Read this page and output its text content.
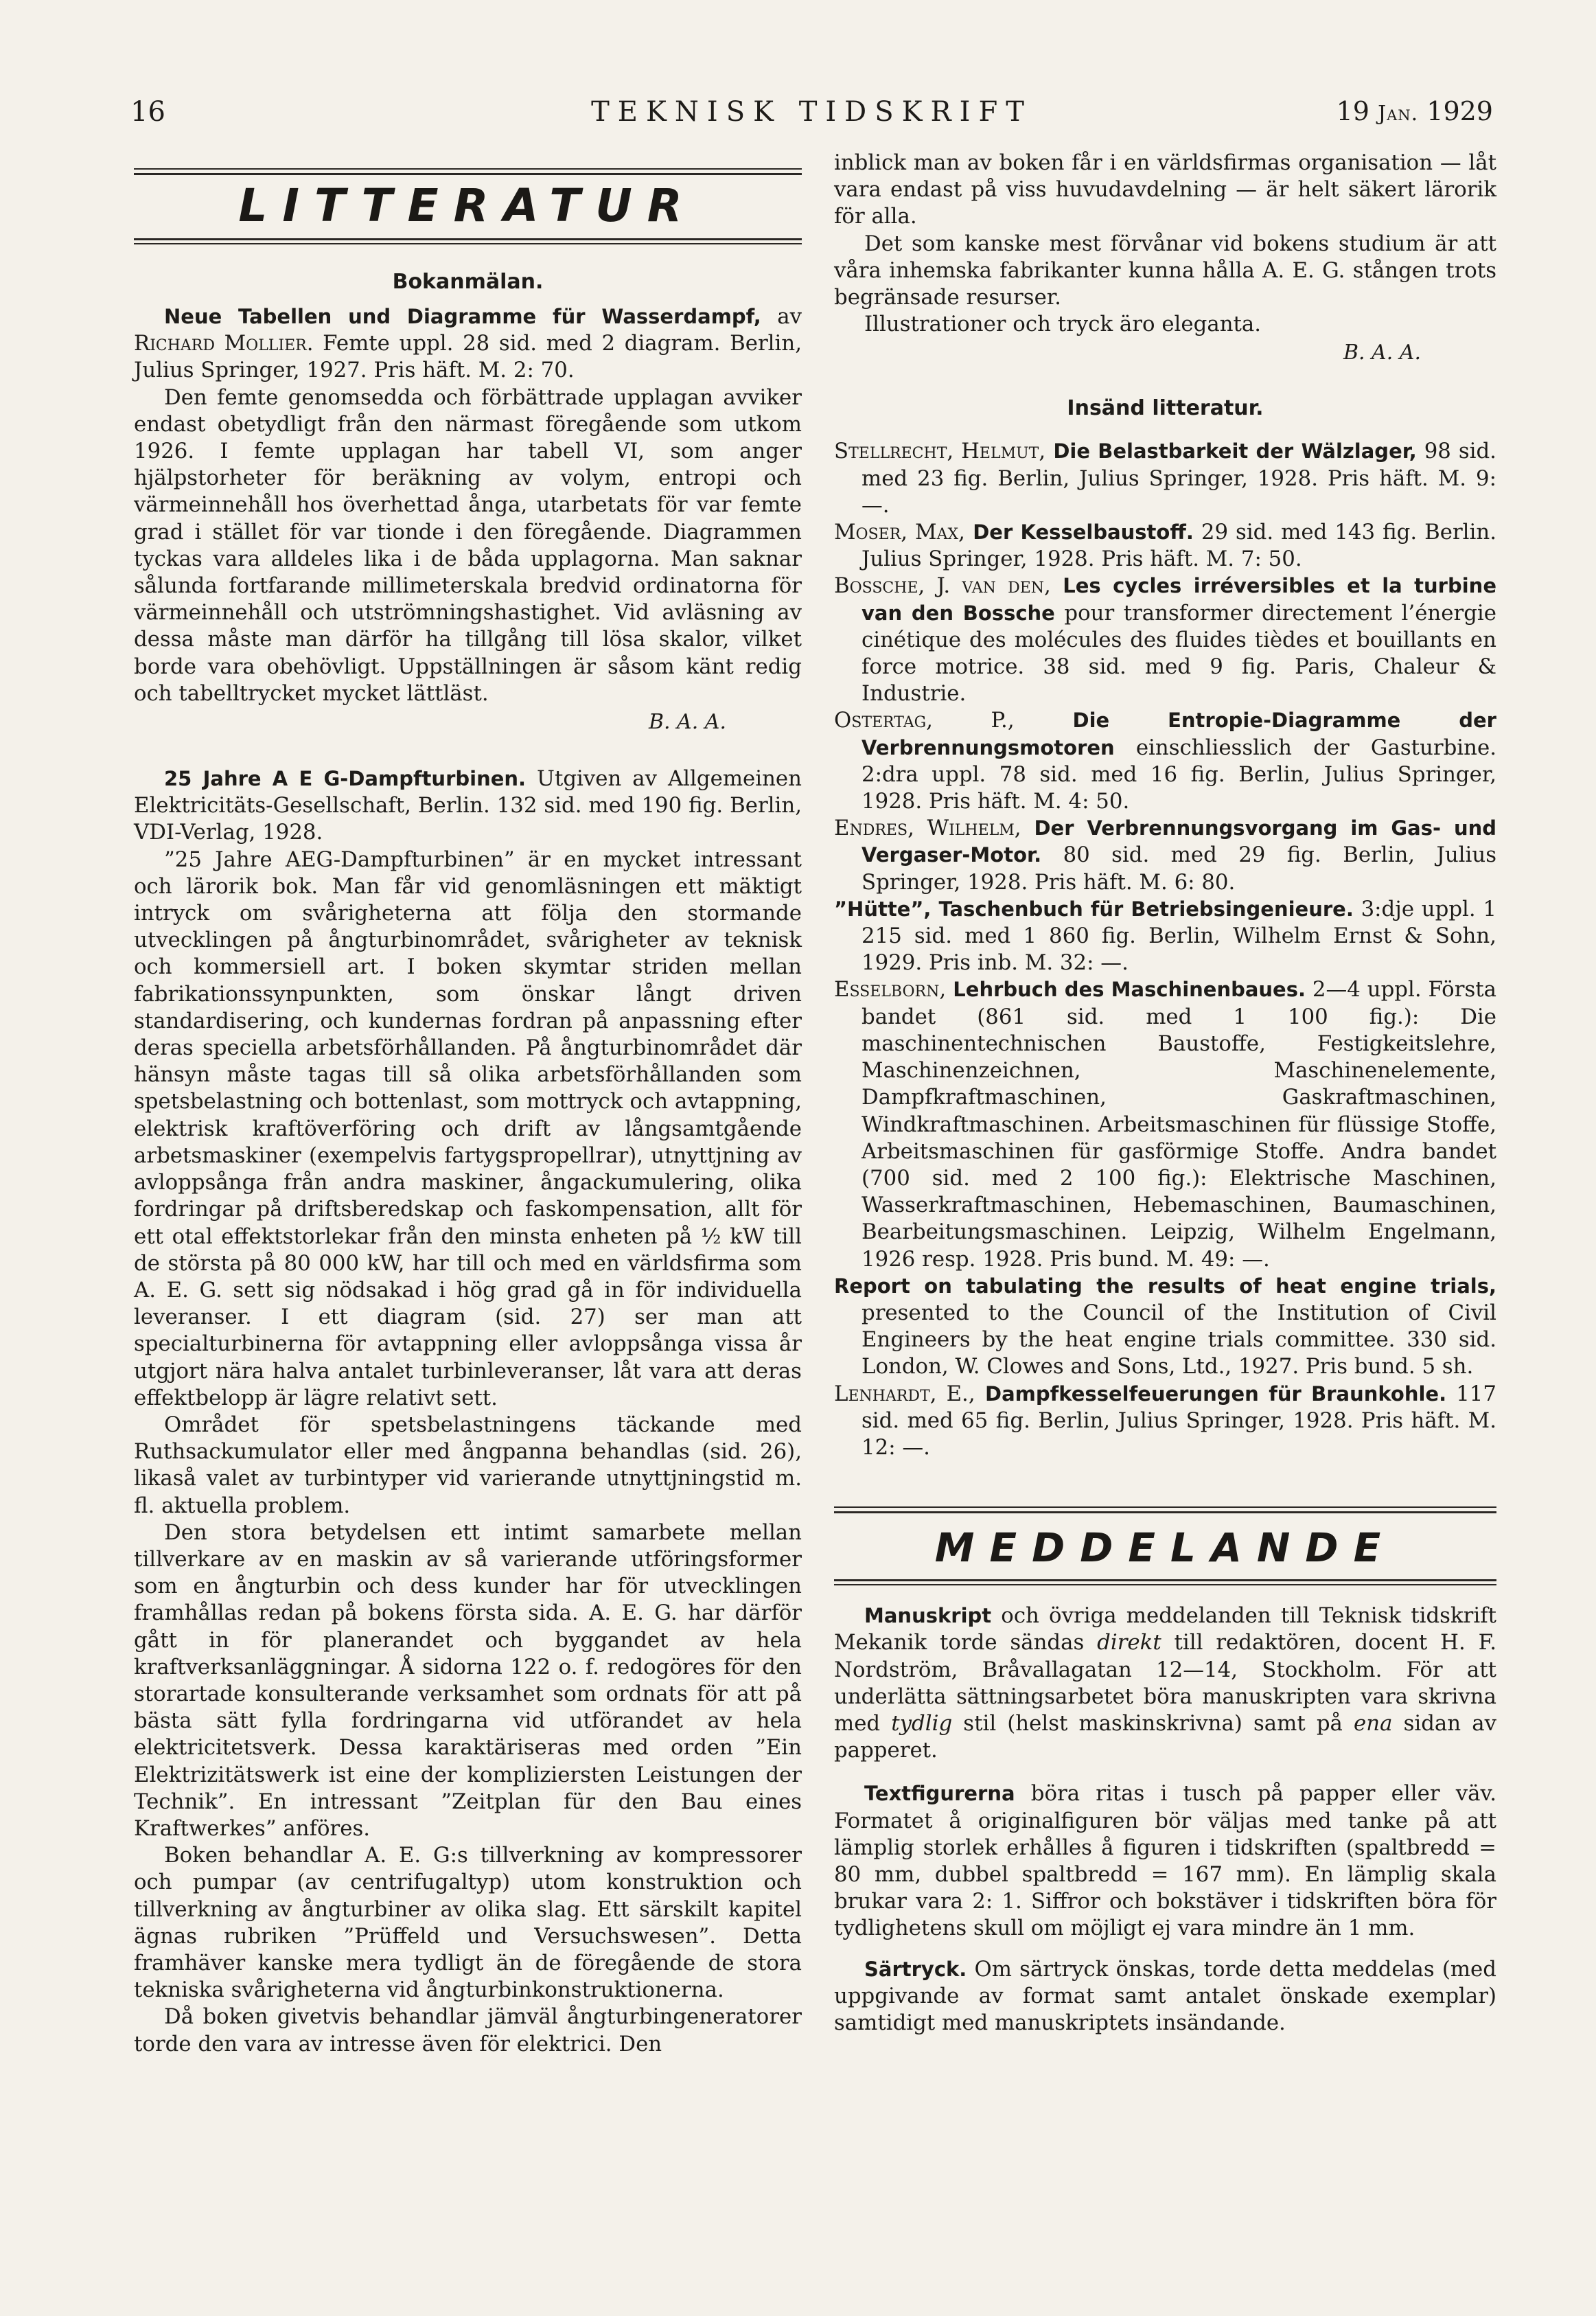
16	TEKNISK TIDSKRIFT	19 Jan. 1929
LITTERATUR

Bokanmälan.

Neue Tabellen und Diagramme für Wasserdampf, av Richard Mollier. Femte uppl. 28 sid. med 2 diagram. Berlin, Julius Springer, 1927. Pris häft. M. 2: 70.

Den femte genomsedda och förbättrade upplagan avviker endast obetydligt från den närmast föregående som utkom 1926. I femte upplagan har tabell VI, som anger hjälpstorheter för beräkning av volym, entropi och värmeinnehåll hos överhettad ånga, utarbetats för var femte grad i stället för var tionde i den föregående. Diagrammen tyckas vara alldeles lika i de båda upplagorna. Man saknar sålunda fortfarande millimeterskala bredvid ordinatorna för värmeinnehåll och utströmningshastighet. Vid avläsning av dessa måste man därför ha tillgång till lösa skalor, vilket borde vara obehövligt. Uppställningen är såsom känt redig och tabelltrycket mycket lättläst.

B. A. A.

25 Jahre A E G-Dampfturbinen. Utgiven av Allgemeinen Elektricitäts-Gesellschaft, Berlin. 132 sid. med 190 fig. Berlin, VDI-Verlag, 1928.

”25 Jahre AEG-Dampfturbinen” är en mycket intressant och lärorik bok. Man får vid genomläsningen ett mäktigt intryck om svårigheterna att följa den stormande utvecklingen på ångturbinområdet, svårigheter av teknisk och kommersiell art. I boken skymtar striden mellan fabrikationssynpunkten, som önskar långt driven standardisering, och kundernas fordran på anpassning efter deras speciella arbetsförhållanden. På ångturbinområdet där hänsyn måste tagas till så olika arbetsförhållanden som spetsbelastning och bottenlast, som mottryck och avtappning, elektrisk kraftöverföring och drift av långsamtgående arbetsmaskiner (exempelvis fartygspropellrar), utnyttjning av avloppsånga från andra maskiner, ångackumulering, olika fordringar på driftsberedskap och faskompensation, allt för ett otal effektstorlekar från den minsta enheten på ½ kW till de största på 80 000 kW, har till och med en världsfirma som A. E. G. sett sig nödsakad i hög grad gå in för individuella leveranser. I ett diagram (sid. 27) ser man att specialturbinerna för avtappning eller avloppsånga vissa år utgjort nära halva antalet turbinleveranser, låt vara att deras effektbelopp är lägre relativt sett.

Området för spetsbelastningens täckande med Ruthsackumulator eller med ångpanna behandlas (sid. 26), likaså valet av turbintyper vid varierande utnyttjningstid m. fl. aktuella problem.

Den stora betydelsen ett intimt samarbete mellan tillverkare av en maskin av så varierande utföringsformer som en ångturbin och dess kunder har för utvecklingen framhållas redan på bokens första sida. A. E. G. har därför gått in för planerandet och byggandet av hela kraftverksanläggningar. Å sidorna 122 o. f. redogöres för den storartade konsulterande verksamhet som ordnats för att på bästa sätt fylla fordringarna vid utförandet av hela elektricitetsverk. Dessa karaktäriseras med orden ”Ein Elektrizitätswerk ist eine der kompliziersten Leistungen der Technik”. En intressant ”Zeitplan für den Bau eines Kraftwerkes” anföres.

Boken behandlar A. E. G:s tillverkning av kompressorer och pumpar (av centrifugaltyp) utom konstruktion och tillverkning av ångturbiner av olika slag. Ett särskilt kapitel ägnas rubriken ”Prüffeld und Versuchswesen”. Detta framhäver kanske mera tydligt än de föregående de stora tekniska svårigheterna vid ångturbinkonstruktionerna.

Då boken givetvis behandlar jämväl ångturbingeneratorer torde den vara av intresse även för elektrici. Den

inblick man av boken får i en världsfirmas organisation — låt vara endast på viss huvudavdelning — är helt säkert lärorik för alla.

Det som kanske mest förvånar vid bokens studium är att våra inhemska fabrikanter kunna hålla A. E. G. stången trots begränsade resurser.

Illustrationer och tryck äro eleganta.

B. A. A.

Insänd litteratur.

Stellrecht, Helmut, Die Belastbarkeit der Wälzlager, 98 sid. med 23 fig. Berlin, Julius Springer, 1928. Pris häft. M. 9: —.

Moser, Max, Der Kesselbaustoff. 29 sid. med 143 fig. Berlin. Julius Springer, 1928. Pris häft. M. 7: 50.

Bossche, J. van den, Les cycles irréversibles et la turbine van den Bossche pour transformer directement l’énergie cinétique des molécules des fluides tièdes et bouillants en force motrice. 38 sid. med 9 fig. Paris, Chaleur & Industrie.

Ostertag, P., Die Entropie-Diagramme der Verbrennungsmotoren einschliesslich der Gasturbine. 2:dra uppl. 78 sid. med 16 fig. Berlin, Julius Springer, 1928. Pris häft. M. 4: 50.

Endres, Wilhelm, Der Verbrennungsvorgang im Gas- und Vergaser-Motor. 80 sid. med 29 fig. Berlin, Julius Springer, 1928. Pris häft. M. 6: 80.

”Hütte”, Taschenbuch für Betriebsingenieure. 3:dje uppl. 1 215 sid. med 1 860 fig. Berlin, Wilhelm Ernst & Sohn, 1929. Pris inb. M. 32: —.

Esselborn, Lehrbuch des Maschinenbaues. 2—4 uppl. Första bandet (861 sid. med 1 100 fig.): Die maschinentechnischen Baustoffe, Festigkeitslehre, Maschinenzeichnen, Maschinenelemente, Dampfkraftmaschinen, Gaskraftmaschinen, Windkraftmaschinen. Arbeitsmaschinen für flüssige Stoffe, Arbeitsmaschinen für gasförmige Stoffe. Andra bandet (700 sid. med 2 100 fig.): Elektrische Maschinen, Wasserkraftmaschinen, Hebemaschinen, Baumaschinen, Bearbeitungsmaschinen. Leipzig, Wilhelm Engelmann, 1926 resp. 1928. Pris bund. M. 49: —.

Report on tabulating the results of heat engine trials, presented to the Council of the Institution of Civil Engineers by the heat engine trials committee. 330 sid. London, W. Clowes and Sons, Ltd., 1927. Pris bund. 5 sh.

Lenhardt, E., Dampfkesselfeuerungen für Braunkohle. 117 sid. med 65 fig. Berlin, Julius Springer, 1928. Pris häft. M. 12: —.

MEDDELANDE

Manuskript och övriga meddelanden till Teknisk tidskrift Mekanik torde sändas direkt till redaktören, docent H. F. Nordström, Bråvallagatan 12—14, Stockholm. För att underlätta sättningsarbetet böra manuskripten vara skrivna med tydlig stil (helst maskinskrivna) samt på ena sidan av papperet.

Textfigurerna böra ritas i tusch på papper eller väv. Formatet å originalfiguren bör väljas med tanke på att lämplig storlek erhålles å figuren i tidskriften (spaltbredd = 80 mm, dubbel spaltbredd = 167 mm). En lämplig skala brukar vara 2: 1. Siffror och bokstäver i tidskriften böra för tydlighetens skull om möjligt ej vara mindre än 1 mm.

Särtryck. Om särtryck önskas, torde detta meddelas (med uppgivande av format samt antalet önskade exemplar) samtidigt med manuskriptets insändande.
